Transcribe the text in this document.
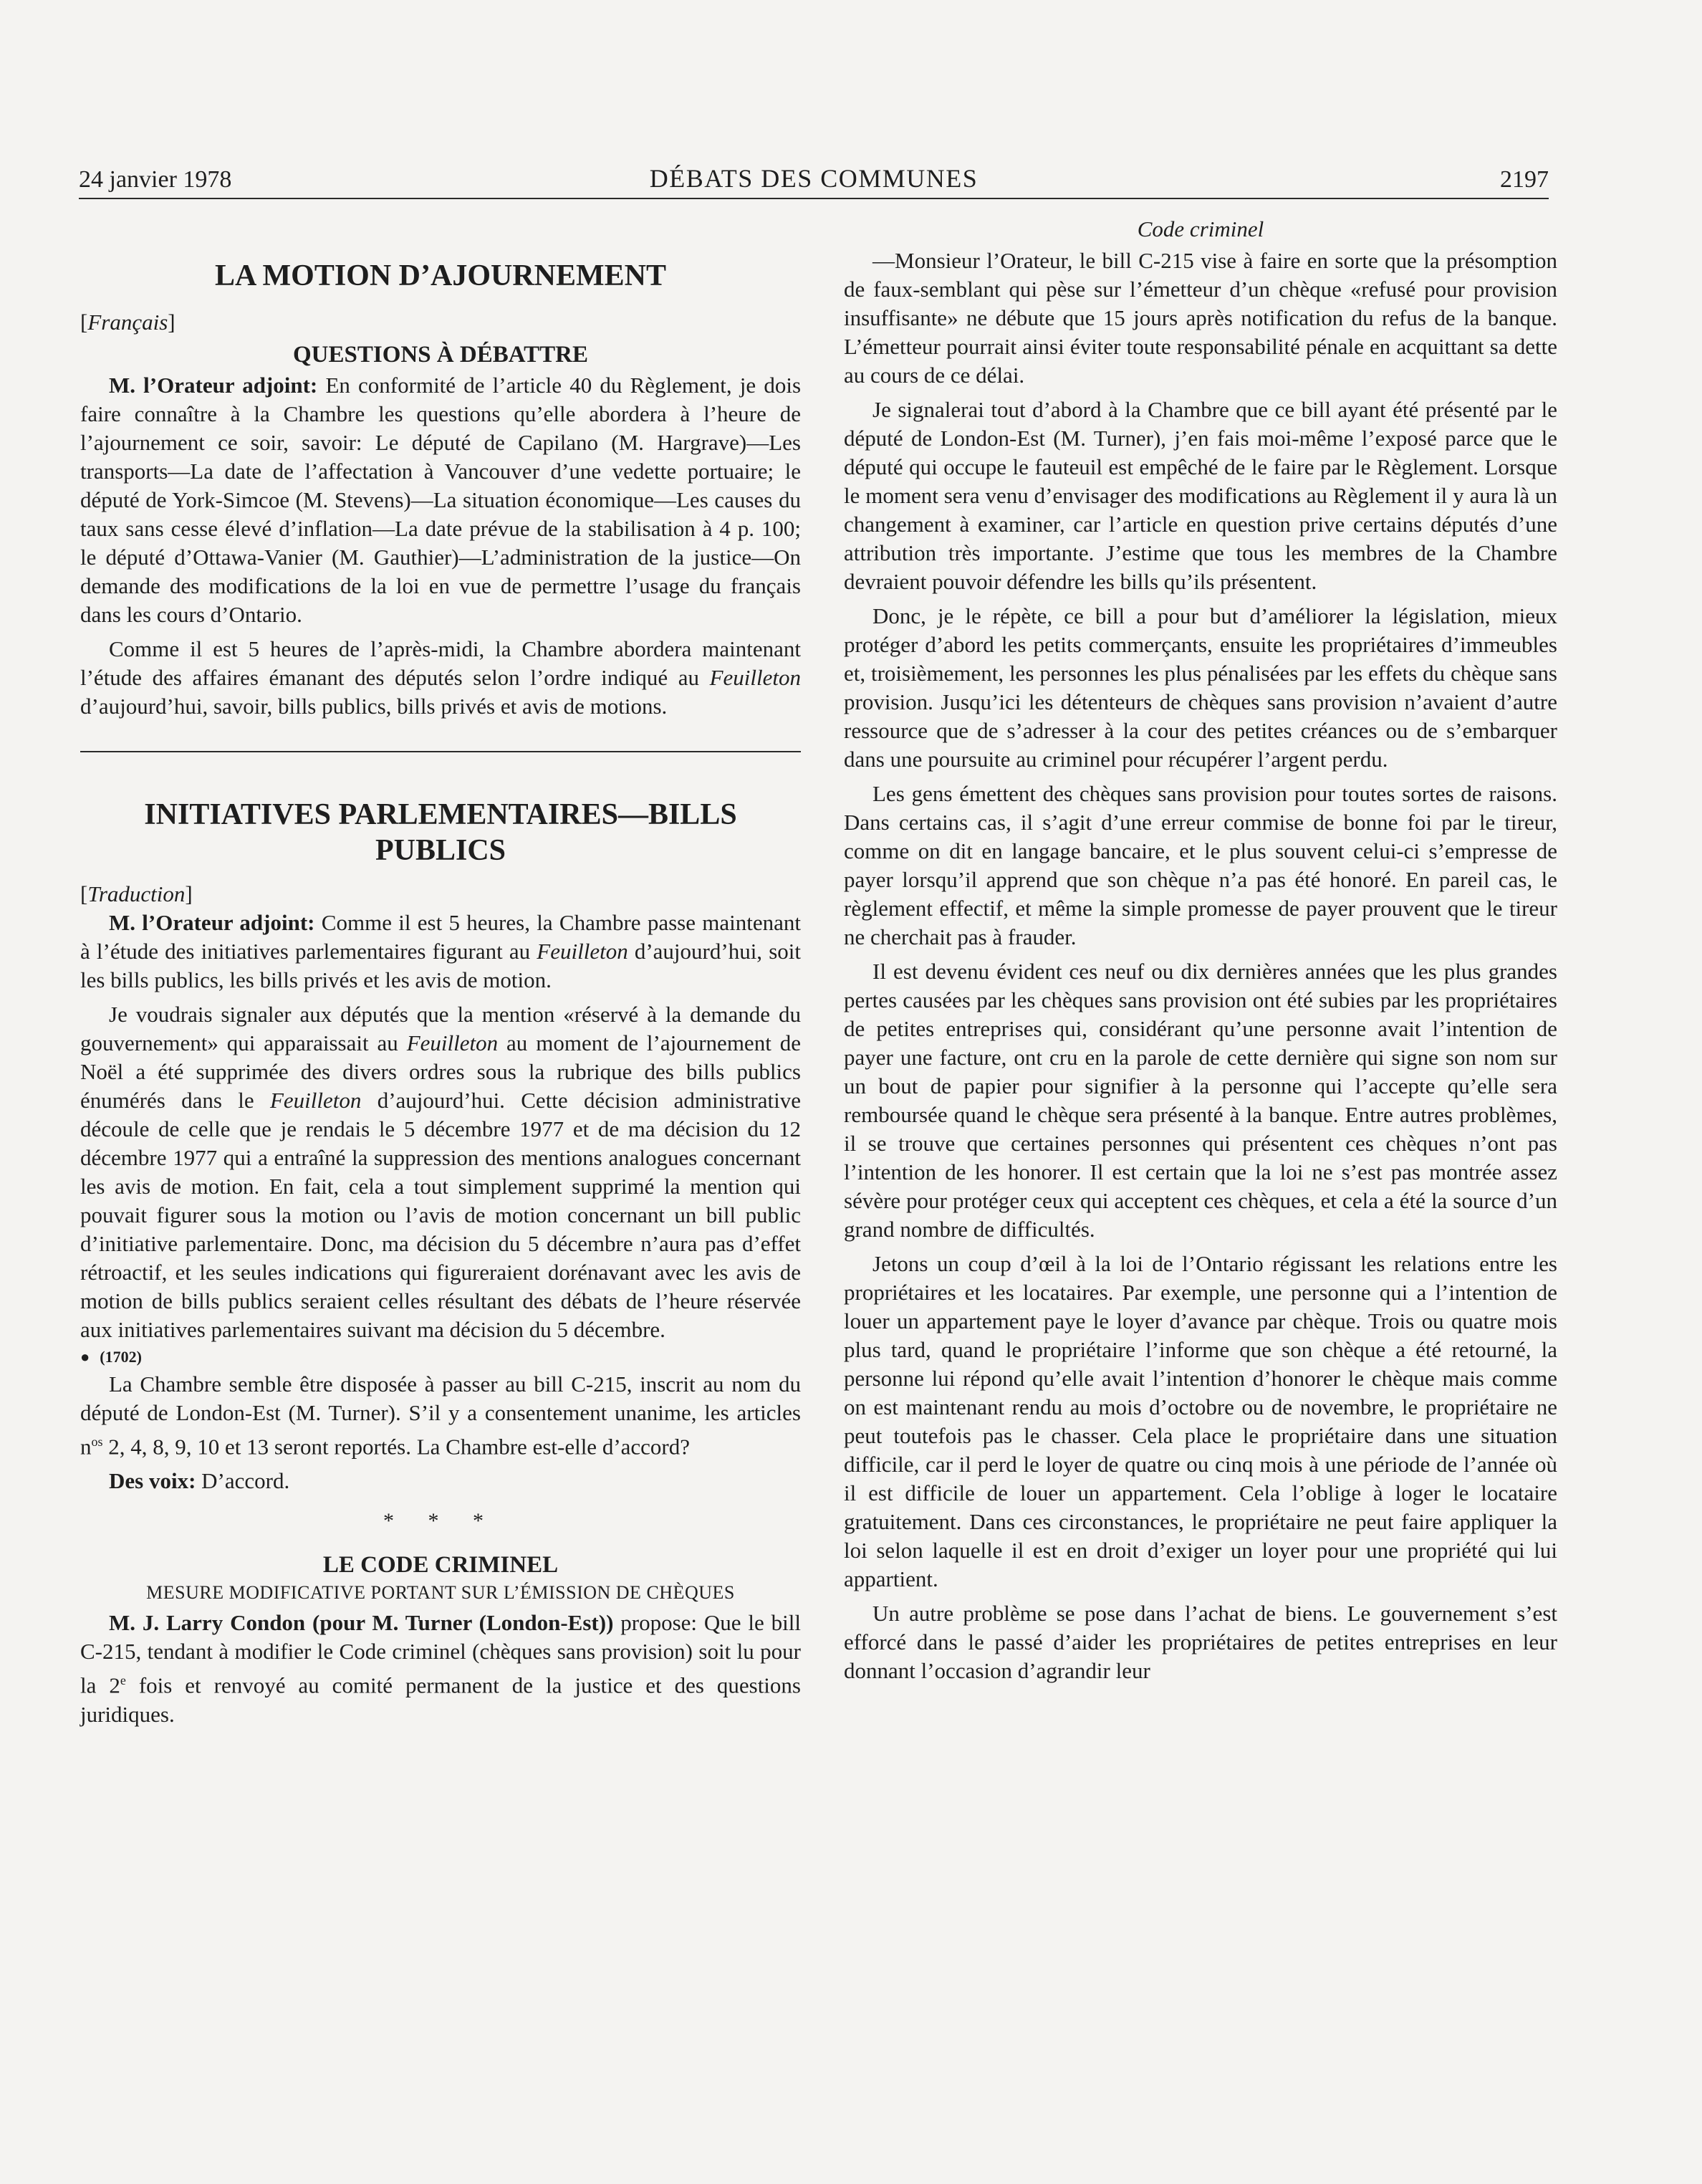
24 janvier 1978	DÉBATS DES COMMUNES	2197
LA MOTION D’AJOURNEMENT
[Français]
QUESTIONS À DÉBATTRE

M. l’Orateur adjoint: En conformité de l’article 40 du Règlement, je dois faire connaître à la Chambre les questions qu’elle abordera à l’heure de l’ajournement ce soir, savoir: Le député de Capilano (M. Hargrave)—Les transports—La date de l’affectation à Vancouver d’une vedette portuaire; le député de York-Simcoe (M. Stevens)—La situation économique—Les causes du taux sans cesse élevé d’inflation—La date prévue de la stabilisation à 4 p. 100; le député d’Ottawa-Vanier (M. Gauthier)—L’administration de la justice—On demande des modifications de la loi en vue de permettre l’usage du français dans les cours d’Ontario.

Comme il est 5 heures de l’après-midi, la Chambre abordera maintenant l’étude des affaires émanant des députés selon l’ordre indiqué au Feuilleton d’aujourd’hui, savoir, bills publics, bills privés et avis de motions.

INITIATIVES PARLEMENTAIRES—BILLS PUBLICS
[Traduction]

M. l’Orateur adjoint: Comme il est 5 heures, la Chambre passe maintenant à l’étude des initiatives parlementaires figurant au Feuilleton d’aujourd’hui, soit les bills publics, les bills privés et les avis de motion.

Je voudrais signaler aux députés que la mention «réservé à la demande du gouvernement» qui apparaissait au Feuilleton au moment de l’ajournement de Noël a été supprimée des divers ordres sous la rubrique des bills publics énumérés dans le Feuilleton d’aujourd’hui. Cette décision administrative découle de celle que je rendais le 5 décembre 1977 et de ma décision du 12 décembre 1977 qui a entraîné la suppression des mentions analogues concernant les avis de motion. En fait, cela a tout simplement supprimé la mention qui pouvait figurer sous la motion ou l’avis de motion concernant un bill public d’initiative parlementaire. Donc, ma décision du 5 décembre n’aura pas d’effet rétroactif, et les seules indications qui figureraient dorénavant avec les avis de motion de bills publics seraient celles résultant des débats de l’heure réservée aux initiatives parlementaires suivant ma décision du 5 décembre.

● (1702)

La Chambre semble être disposée à passer au bill C-215, inscrit au nom du député de London-Est (M. Turner). S’il y a consentement unanime, les articles $n^{os}$ 2, 4, 8, 9, 10 et 13 seront reportés. La Chambre est-elle d’accord?

Des voix: D’accord.

* * *
LE CODE CRIMINEL
MESURE MODIFICATIVE PORTANT SUR L’ÉMISSION DE CHÈQUES

M. J. Larry Condon (pour M. Turner (London-Est)) propose: Que le bill C-215, tendant à modifier le Code criminel (chèques sans provision) soit lu pour la 2e fois et renvoyé au comité permanent de la justice et des questions juridiques.

Code criminel

—Monsieur l’Orateur, le bill C-215 vise à faire en sorte que la présomption de faux-semblant qui pèse sur l’émetteur d’un chèque «refusé pour provision insuffisante» ne débute que 15 jours après notification du refus de la banque. L’émetteur pourrait ainsi éviter toute responsabilité pénale en acquittant sa dette au cours de ce délai.

Je signalerai tout d’abord à la Chambre que ce bill ayant été présenté par le député de London-Est (M. Turner), j’en fais moi-même l’exposé parce que le député qui occupe le fauteuil est empêché de le faire par le Règlement. Lorsque le moment sera venu d’envisager des modifications au Règlement il y aura là un changement à examiner, car l’article en question prive certains députés d’une attribution très importante. J’estime que tous les membres de la Chambre devraient pouvoir défendre les bills qu’ils présentent.

Donc, je le répète, ce bill a pour but d’améliorer la législation, mieux protéger d’abord les petits commerçants, ensuite les propriétaires d’immeubles et, troisièmement, les personnes les plus pénalisées par les effets du chèque sans provision. Jusqu’ici les détenteurs de chèques sans provision n’avaient d’autre ressource que de s’adresser à la cour des petites créances ou de s’embarquer dans une poursuite au criminel pour récupérer l’argent perdu.

Les gens émettent des chèques sans provision pour toutes sortes de raisons. Dans certains cas, il s’agit d’une erreur commise de bonne foi par le tireur, comme on dit en langage bancaire, et le plus souvent celui-ci s’empresse de payer lorsqu’il apprend que son chèque n’a pas été honoré. En pareil cas, le règlement effectif, et même la simple promesse de payer prouvent que le tireur ne cherchait pas à frauder.

Il est devenu évident ces neuf ou dix dernières années que les plus grandes pertes causées par les chèques sans provision ont été subies par les propriétaires de petites entreprises qui, considérant qu’une personne avait l’intention de payer une facture, ont cru en la parole de cette dernière qui signe son nom sur un bout de papier pour signifier à la personne qui l’accepte qu’elle sera remboursée quand le chèque sera présenté à la banque. Entre autres problèmes, il se trouve que certaines personnes qui présentent ces chèques n’ont pas l’intention de les honorer. Il est certain que la loi ne s’est pas montrée assez sévère pour protéger ceux qui acceptent ces chèques, et cela a été la source d’un grand nombre de difficultés.

Jetons un coup d’œil à la loi de l’Ontario régissant les relations entre les propriétaires et les locataires. Par exemple, une personne qui a l’intention de louer un appartement paye le loyer d’avance par chèque. Trois ou quatre mois plus tard, quand le propriétaire l’informe que son chèque a été retourné, la personne lui répond qu’elle avait l’intention d’honorer le chèque mais comme on est maintenant rendu au mois d’octobre ou de novembre, le propriétaire ne peut toutefois pas le chasser. Cela place le propriétaire dans une situation difficile, car il perd le loyer de quatre ou cinq mois à une période de l’année où il est difficile de louer un appartement. Cela l’oblige à loger le locataire gratuitement. Dans ces circonstances, le propriétaire ne peut faire appliquer la loi selon laquelle il est en droit d’exiger un loyer pour une propriété qui lui appartient.

Un autre problème se pose dans l’achat de biens. Le gouvernement s’est efforcé dans le passé d’aider les propriétaires de petites entreprises en leur donnant l’occasion d’agrandir leur
